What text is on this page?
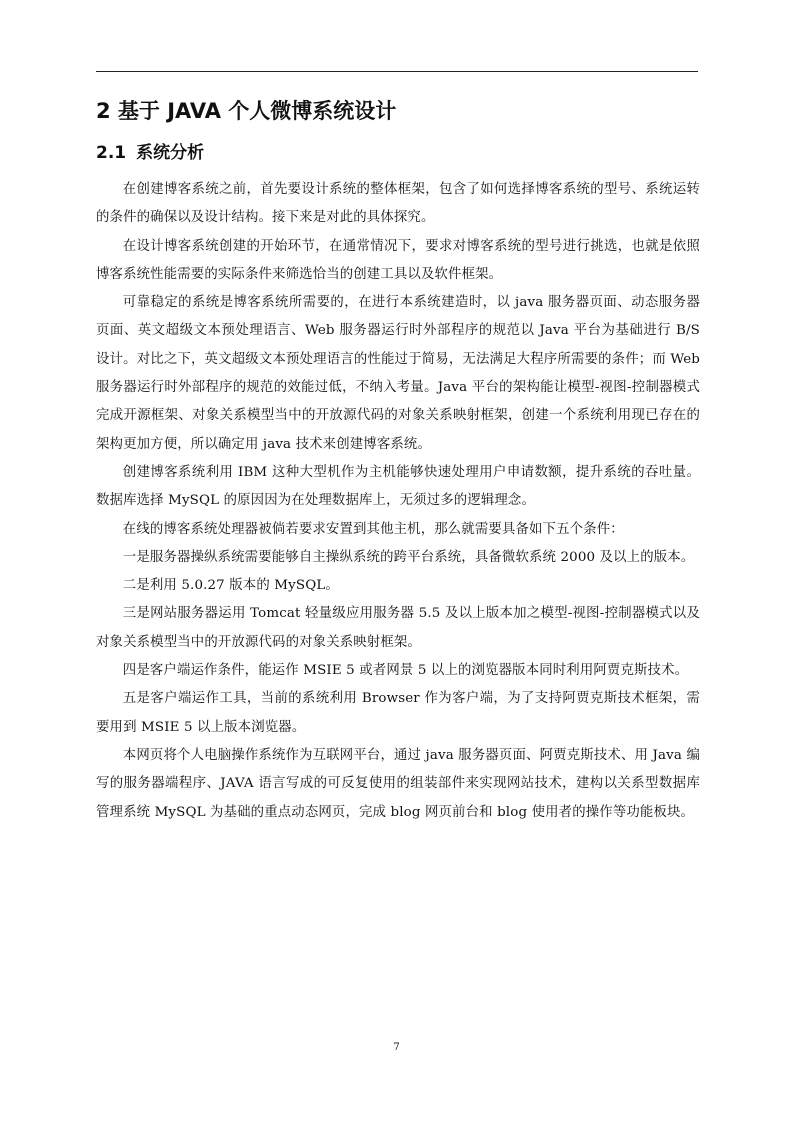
2 基于 JAVA 个人微博系统设计
2.1 系统分析

在创建博客系统之前，首先要设计系统的整体框架，包含了如何选择博客系统的型号、系统运转的条件的确保以及设计结构。接下来是对此的具体探究。

在设计博客系统创建的开始环节，在通常情况下，要求对博客系统的型号进行挑选，也就是依照博客系统性能需要的实际条件来筛选恰当的创建工具以及软件框架。

可靠稳定的系统是博客系统所需要的，在进行本系统建造时，以 java 服务器页面、动态服务器页面、英文超级文本预处理语言、Web 服务器运行时外部程序的规范以 Java 平台为基础进行 B/S 设计。对比之下，英文超级文本预处理语言的性能过于简易，无法满足大程序所需要的条件；而 Web 服务器运行时外部程序的规范的效能过低，不纳入考量。Java 平台的架构能让模型-视图-控制器模式完成开源框架、对象关系模型当中的开放源代码的对象关系映射框架，创建一个系统利用现已存在的架构更加方便，所以确定用 java 技术来创建博客系统。

创建博客系统利用 IBM 这种大型机作为主机能够快速处理用户申请数额，提升系统的吞吐量。数据库选择 MySQL 的原因因为在处理数据库上，无须过多的逻辑理念。

在线的博客系统处理器被倘若要求安置到其他主机，那么就需要具备如下五个条件：

一是服务器操纵系统需要能够自主操纵系统的跨平台系统，具备微软系统 2000 及以上的版本。

二是利用 5.0.27 版本的 MySQL。

三是网站服务器运用 Tomcat 轻量级应用服务器 5.5 及以上版本加之模型-视图-控制器模式以及对象关系模型当中的开放源代码的对象关系映射框架。

四是客户端运作条件，能运作 MSIE 5 或者网景 5 以上的浏览器版本同时利用阿贾克斯技术。

五是客户端运作工具，当前的系统利用 Browser 作为客户端，为了支持阿贾克斯技术框架，需要用到 MSIE 5 以上版本浏览器。

本网页将个人电脑操作系统作为互联网平台，通过 java 服务器页面、阿贾克斯技术、用 Java 编写的服务器端程序、JAVA 语言写成的可反复使用的组装部件来实现网站技术，建构以关系型数据库管理系统 MySQL 为基础的重点动态网页，完成 blog 网页前台和 blog 使用者的操作等功能板块。

7
